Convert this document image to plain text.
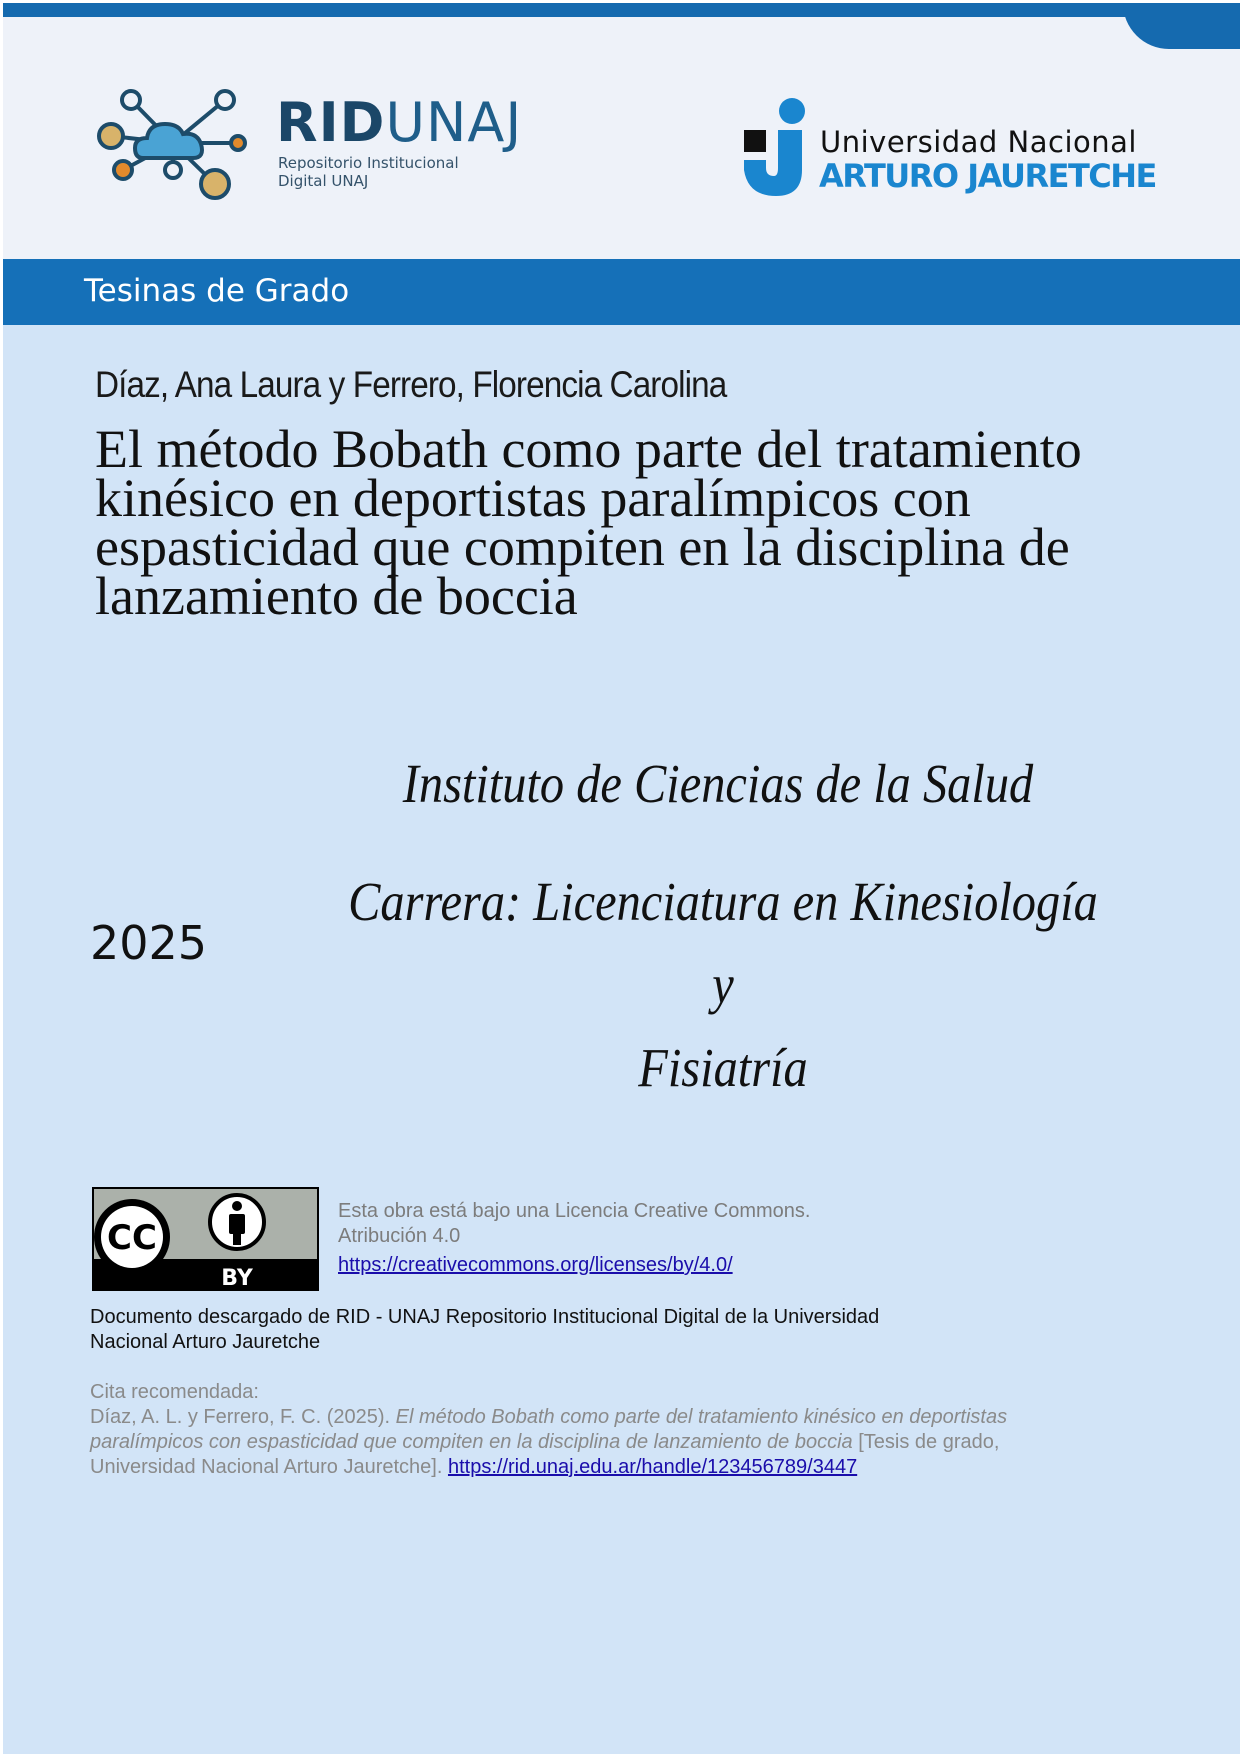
RIDUNAJ
Repositorio Institucional
Digital UNAJ
Universidad Nacional
ARTURO JAURETCHE
Tesinas de Grado
Díaz, Ana Laura y Ferrero, Florencia Carolina
El método Bobath como parte del tratamiento
kinésico en deportistas paralímpicos con
espasticidad que compiten en la disciplina de
lanzamiento de boccia
Instituto de Ciencias de la Salud
Carrera: Licenciatura en Kinesiología y
Fisiatría
2025
CC
BY
Esta obra está bajo una Licencia Creative Commons.
Atribución 4.0
https://creativecommons.org/licenses/by/4.0/
Documento descargado de RID - UNAJ Repositorio Institucional Digital de la Universidad
Nacional Arturo Jauretche
Cita recomendada:
Díaz, A. L. y Ferrero, F. C. (2025). El método Bobath como parte del tratamiento kinésico en deportistas
paralímpicos con espasticidad que compiten en la disciplina de lanzamiento de boccia [Tesis de grado,
Universidad Nacional Arturo Jauretche]. https://rid.unaj.edu.ar/handle/123456789/3447
